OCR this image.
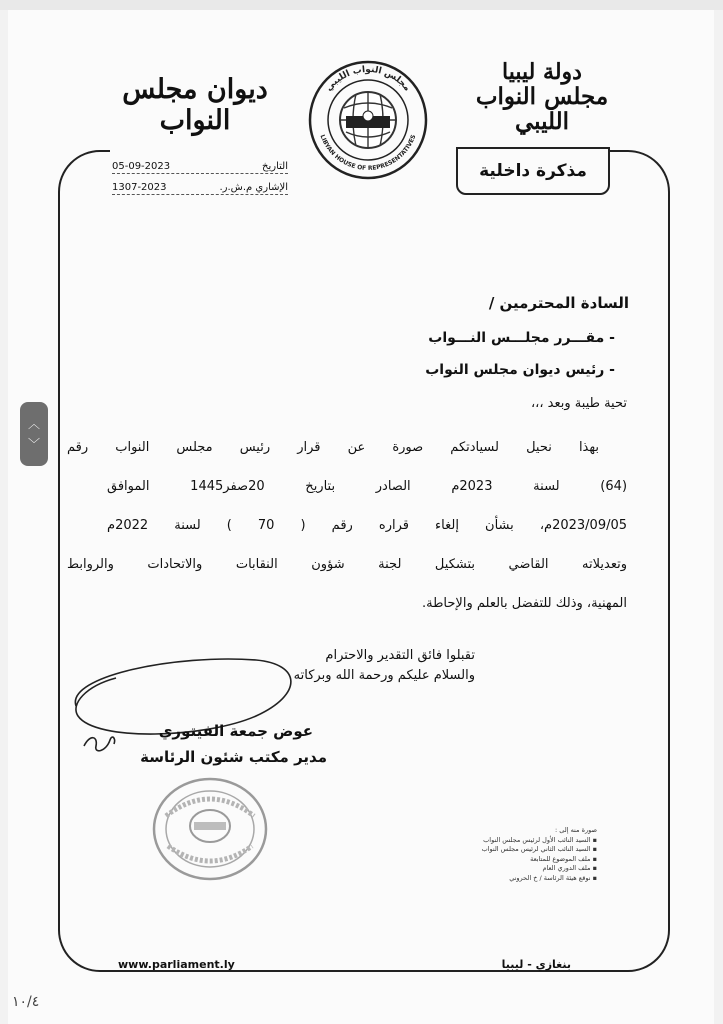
دولة ليبيا
مجلس النواب الليبي
ديوان مجلس النواب
مجلس النواب الليبي
LIBYAN HOUSE OF REPRESENTATIVES
مذكرة داخلية
05-09-2023	التاريخ
1307-2023	الإشاري م.ش.ر.
السادة المحترمين /
- مقـــرر مجلـــس النـــواب
- رئيس ديوان مجلس النواب
تحية طيبة وبعد ،،،
بهذا نحيل لسيادتكم صورة عن قرار رئيس مجلس النواب رقم
(64) لسنة 2023م الصادر بتاريخ 20صفر1445 الموافق
2023/09/05م، بشأن إلغاء قراره رقم ( 70 ) لسنة 2022م
وتعديلاته القاضي بتشكيل لجنة شؤون النقابات والاتحادات والروابط
المهنية، وذلك للتفضل بالعلم والإحاطة.
تقبلوا فائق التقدير والاحترام
والسلام عليكم ورحمة الله وبركاته
عوض جمعة الفيتوري
مدير مكتب شئون الرئاسة
صورة منه إلى :
▪ السيد النائب الأول لرئيس مجلس النواب
▪ السيد النائب الثاني لرئيس مجلس النواب
▪ ملف الموضوع للمتابعة
▪ ملف الدوري العام
▪ نوقع هيئة الرئاسة / خ الحروني
www.parliament.ly	بنغازي - ليبيا
١٠/٤
︿
﹀
